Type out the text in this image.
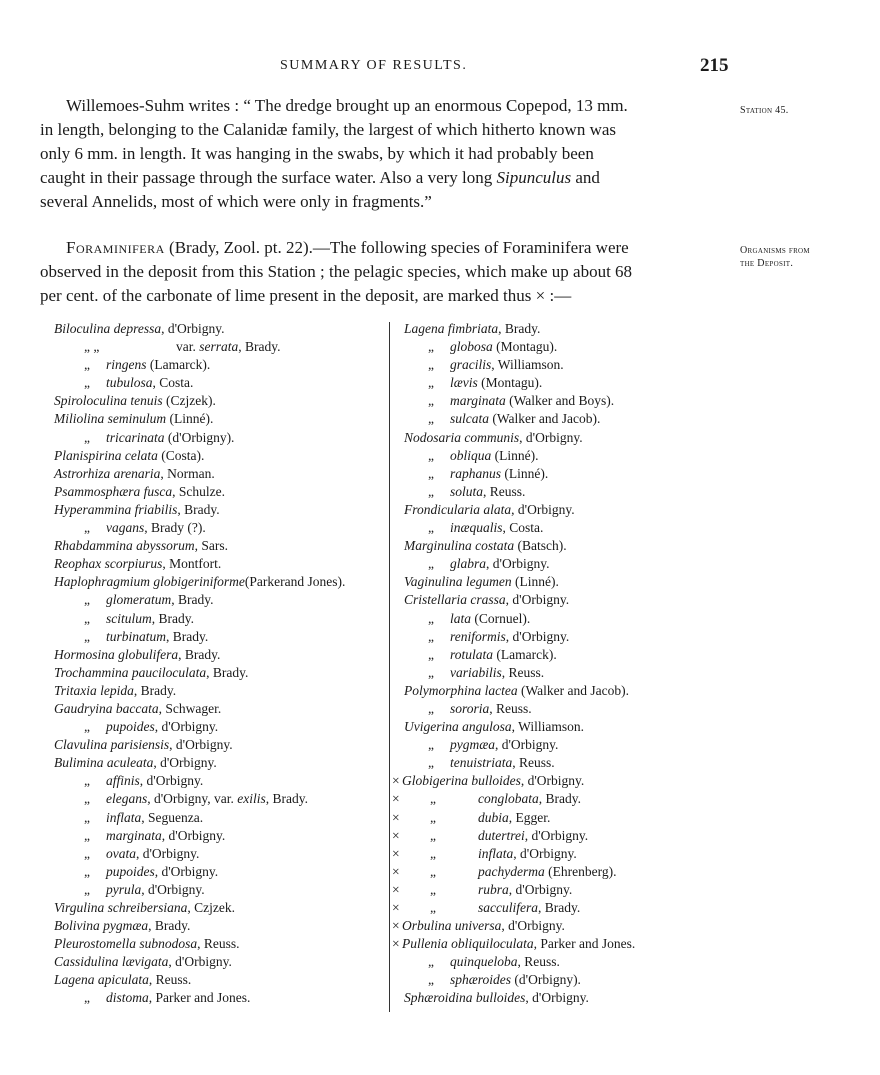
SUMMARY OF RESULTS.	215
Station 45.
Organisms from
the Deposit.
Willemoes-Suhm writes : “ The dredge brought up an enormous Copepod, 13 mm.
in length, belonging to the Calanidæ family, the largest of which hitherto known was
only 6 mm. in length. It was hanging in the swabs, by which it had probably been
caught in their passage through the surface water. Also a very long Sipunculus and
several Annelids, most of which were only in fragments.”
Foraminifera (Brady, Zool. pt. 22).—The following species of Foraminifera were
observed in the deposit from this Station ; the pelagic species, which make up about 68
per cent. of the carbonate of lime present in the deposit, are marked thus × :—
Biloculina depressa, d'Orbigny.
„ „	var. serrata, Brady.
„ ringens (Lamarck).
„ tubulosa, Costa.
Spiroloculina tenuis (Czjzek).
Miliolina seminulum (Linné).
„ tricarinata (d'Orbigny).
Planispirina celata (Costa).
Astrorhiza arenaria, Norman.
Psammosphæra fusca, Schulze.
Hyperammina friabilis, Brady.
„ vagans, Brady (?).
Rhabdammina abyssorum, Sars.
Reophax scorpiurus, Montfort.
Haplophragmium globigeriniforme(Parkerand Jones).
„ glomeratum, Brady.
„ scitulum, Brady.
„ turbinatum, Brady.
Hormosina globulifera, Brady.
Trochammina pauciloculata, Brady.
Tritaxia lepida, Brady.
Gaudryina baccata, Schwager.
„ pupoides, d'Orbigny.
Clavulina parisiensis, d'Orbigny.
Bulimina aculeata, d'Orbigny.
„ affinis, d'Orbigny.
„ elegans, d'Orbigny, var. exilis, Brady.
„ inflata, Seguenza.
„ marginata, d'Orbigny.
„ ovata, d'Orbigny.
„ pupoides, d'Orbigny.
„ pyrula, d'Orbigny.
Virgulina schreibersiana, Czjzek.
Bolivina pygmæa, Brady.
Pleurostomella subnodosa, Reuss.
Cassidulina lævigata, d'Orbigny.
Lagena apiculata, Reuss.
„ distoma, Parker and Jones.
Lagena fimbriata, Brady.
„ globosa (Montagu).
„ gracilis, Williamson.
„ lævis (Montagu).
„ marginata (Walker and Boys).
„ sulcata (Walker and Jacob).
Nodosaria communis, d'Orbigny.
„ obliqua (Linné).
„ raphanus (Linné).
„ soluta, Reuss.
Frondicularia alata, d'Orbigny.
„ inæqualis, Costa.
Marginulina costata (Batsch).
„ glabra, d'Orbigny.
Vaginulina legumen (Linné).
Cristellaria crassa, d'Orbigny.
„ lata (Cornuel).
„ reniformis, d'Orbigny.
„ rotulata (Lamarck).
„ variabilis, Reuss.
Polymorphina lactea (Walker and Jacob).
„ sororia, Reuss.
Uvigerina angulosa, Williamson.
„ pygmæa, d'Orbigny.
„ tenuistriata, Reuss.
× Globigerina bulloides, d'Orbigny.
× „	conglobata, Brady.
× „	dubia, Egger.
× „	dutertrei, d'Orbigny.
× „	inflata, d'Orbigny.
× „	pachyderma (Ehrenberg).
× „	rubra, d'Orbigny.
× „	sacculifera, Brady.
× Orbulina universa, d'Orbigny.
× Pullenia obliquiloculata, Parker and Jones.
„ quinqueloba, Reuss.
„ sphæroides (d'Orbigny).
Sphæroidina bulloides, d'Orbigny.
